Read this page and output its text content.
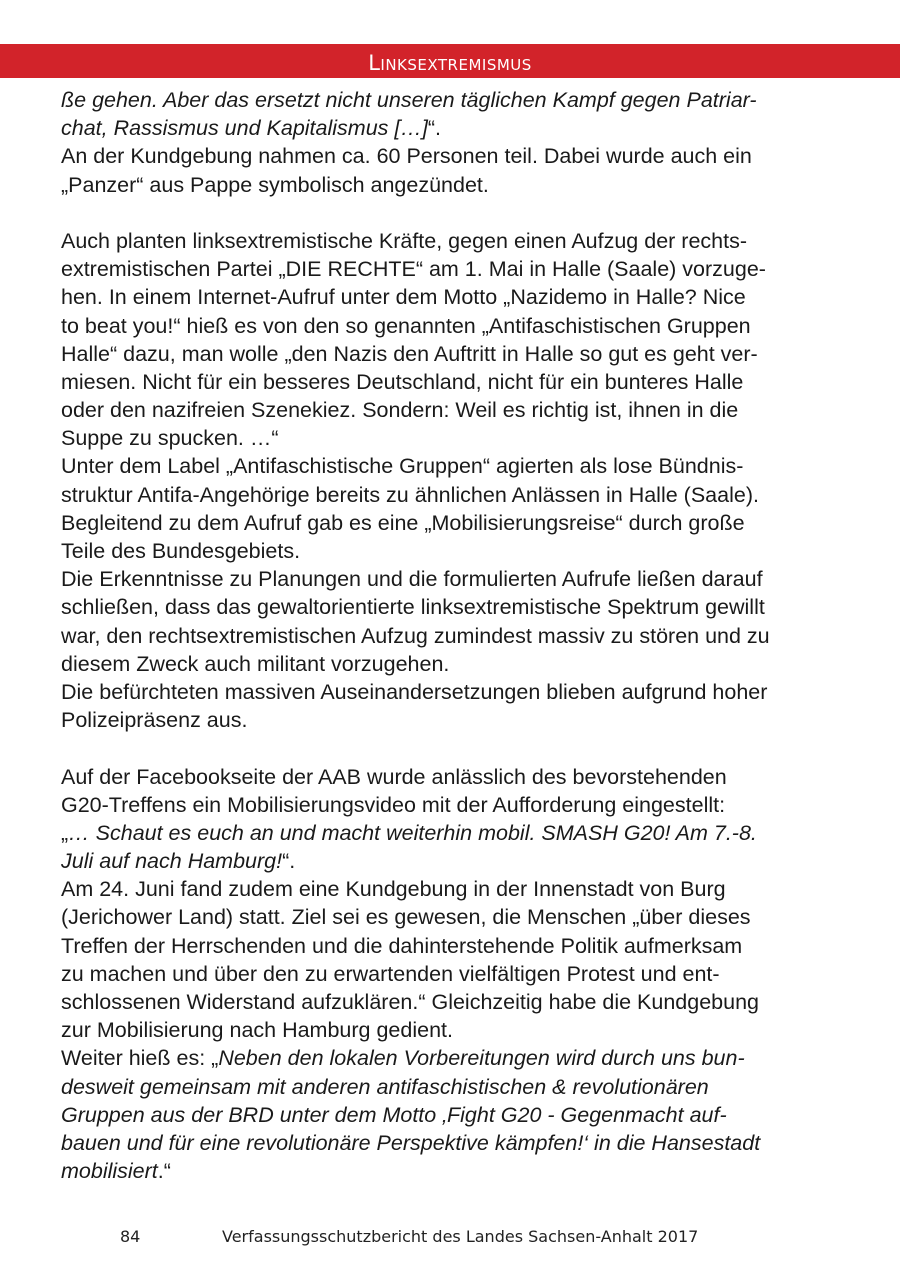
Linksextremismus
ße gehen. Aber das ersetzt nicht unseren täglichen Kampf gegen Patriar-
chat, Rassismus und Kapitalismus […]“.
An der Kundgebung nahmen ca. 60 Personen teil. Dabei wurde auch ein
„Panzer“ aus Pappe symbolisch angezündet.
Auch planten linksextremistische Kräfte, gegen einen Aufzug der rechts-
extremistischen Partei „DIE RECHTE“ am 1. Mai in Halle (Saale) vorzuge-
hen. In einem Internet-Aufruf unter dem Motto „Nazidemo in Halle? Nice
to beat you!“ hieß es von den so genannten „Antifaschistischen Gruppen
Halle“ dazu, man wolle „den Nazis den Auftritt in Halle so gut es geht ver-
miesen. Nicht für ein besseres Deutschland, nicht für ein bunteres Halle
oder den nazifreien Szenekiez. Sondern: Weil es richtig ist, ihnen in die
Suppe zu spucken. …“
Unter dem Label „Antifaschistische Gruppen“ agierten als lose Bündnis-
struktur Antifa-Angehörige bereits zu ähnlichen Anlässen in Halle (Saale).
Begleitend zu dem Aufruf gab es eine „Mobilisierungsreise“ durch große
Teile des Bundesgebiets.
Die Erkenntnisse zu Planungen und die formulierten Aufrufe ließen darauf
schließen, dass das gewaltorientierte linksextremistische Spektrum gewillt
war, den rechtsextremistischen Aufzug zumindest massiv zu stören und zu
diesem Zweck auch militant vorzugehen.
Die befürchteten massiven Auseinandersetzungen blieben aufgrund hoher
Polizeipräsenz aus.
Auf der Facebookseite der AAB wurde anlässlich des bevorstehenden
G20-Treffens ein Mobilisierungsvideo mit der Aufforderung eingestellt:
„… Schaut es euch an und macht weiterhin mobil. SMASH G20! Am 7.-8.
Juli auf nach Hamburg!“.
Am 24. Juni fand zudem eine Kundgebung in der Innenstadt von Burg
(Jerichower Land) statt. Ziel sei es gewesen, die Menschen „über dieses
Treffen der Herrschenden und die dahinterstehende Politik aufmerksam
zu machen und über den zu erwartenden vielfältigen Protest und ent-
schlossenen Widerstand aufzuklären.“ Gleichzeitig habe die Kundgebung
zur Mobilisierung nach Hamburg gedient.
Weiter hieß es: „Neben den lokalen Vorbereitungen wird durch uns bun-
desweit gemeinsam mit anderen antifaschistischen & revolutionären
Gruppen aus der BRD unter dem Motto ‚Fight G20 - Gegenmacht auf-
bauen und für eine revolutionäre Perspektive kämpfen!‘ in die Hansestadt
mobilisiert.“
84	Verfassungsschutzbericht des Landes Sachsen-Anhalt 2017
